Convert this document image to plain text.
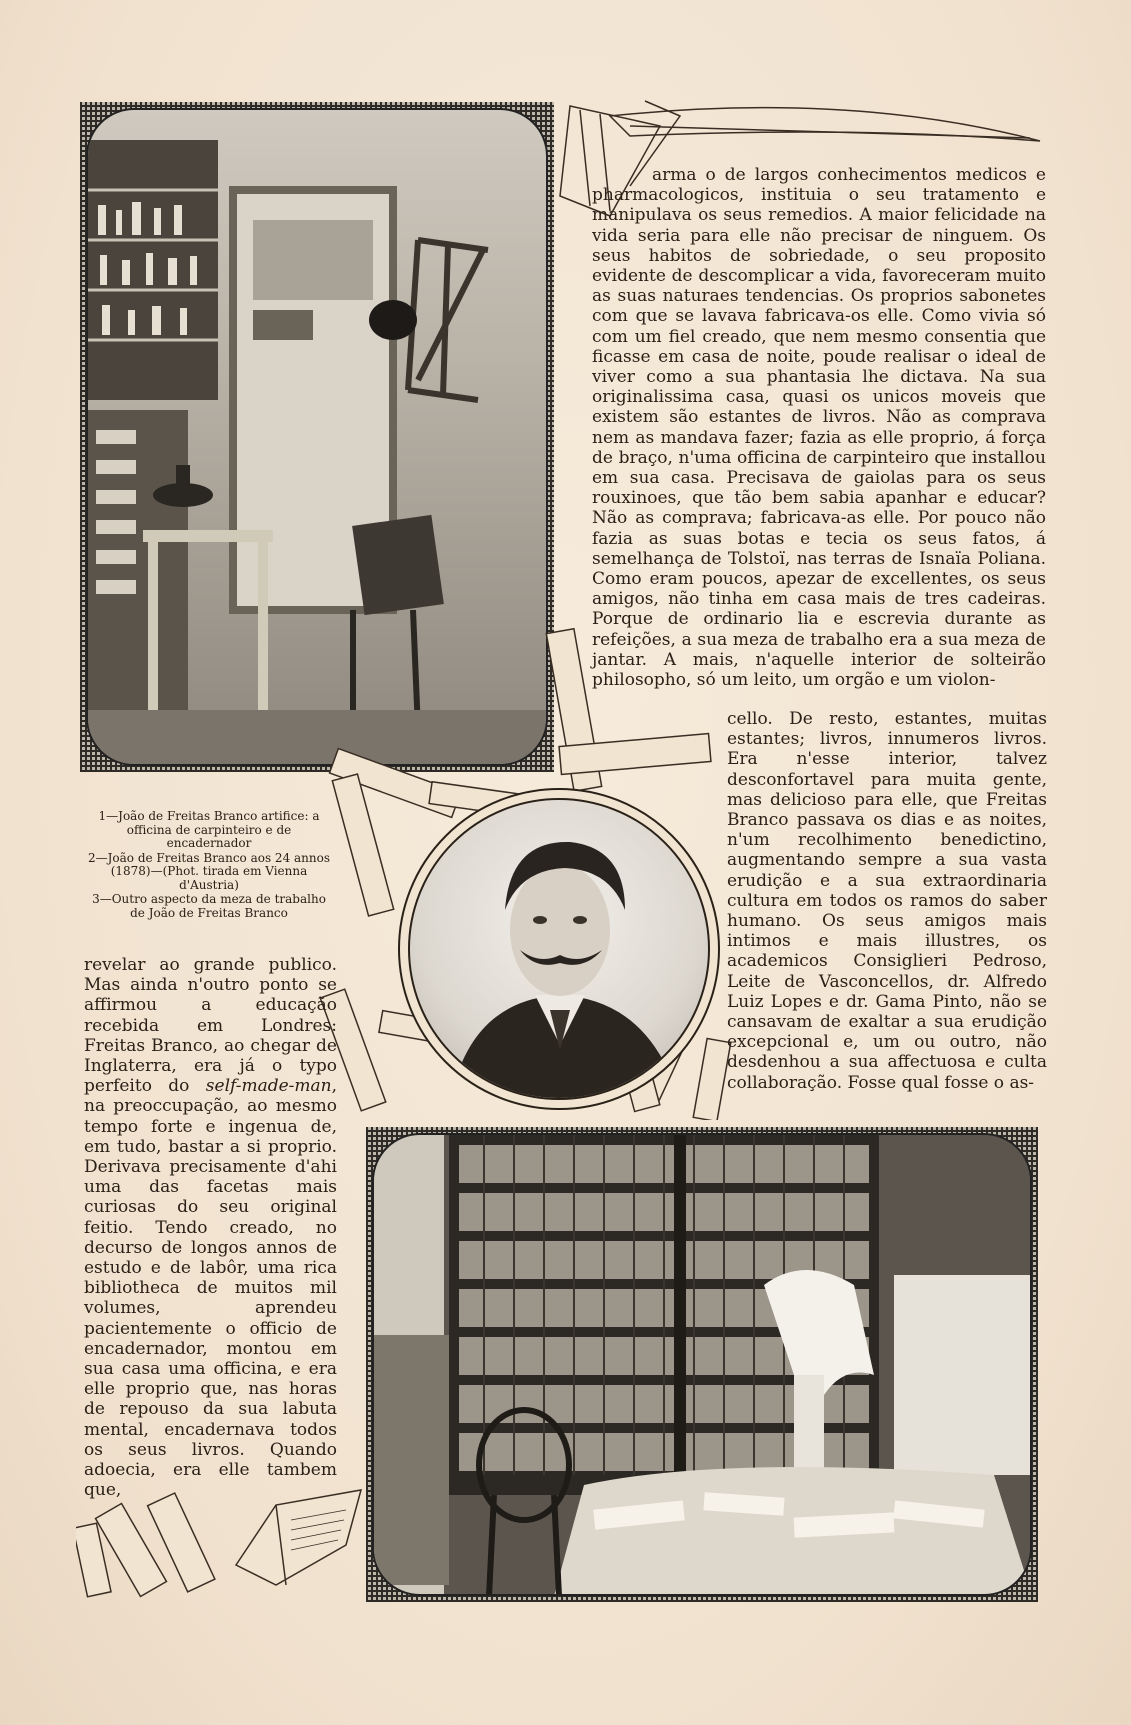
arma o de largos conhecimentos medicos e pharmacologicos, instituia o seu tratamento e manipulava os seus remedios. A maior felicidade na vida seria para elle não precisar de ninguem. Os seus habitos de sobriedade, o seu proposito evidente de descomplicar a vida, favoreceram muito as suas naturaes tendencias. Os proprios sabonetes com que se lavava fabricava-os elle. Como vivia só com um fiel creado, que nem mesmo consentia que ficasse em casa de noite, poude realisar o ideal de viver como a sua phantasia lhe dictava. Na sua originalissima casa, quasi os unicos moveis que existem são estantes de livros. Não as comprava nem as mandava fazer; fazia as elle proprio, á força de braço, n'uma officina de carpinteiro que installou em sua casa. Precisava de gaiolas para os seus rouxinoes, que tão bem sabia apanhar e educar? Não as comprava; fabricava-as elle. Por pouco não fazia as suas botas e tecia os seus fatos, á semelhança de Tolstoï, nas terras de Isnaïa Poliana. Como eram poucos, apezar de excellentes, os seus amigos, não tinha em casa mais de tres cadeiras. Porque de ordinario lia e escrevia durante as refeições, a sua meza de trabalho era a sua meza de jantar. A mais, n'aquelle interior de solteirão philosopho, só um leito, um orgão e um violon-
1—João de Freitas Branco artifice: a officina de carpinteiro e de encadernador
2—João de Freitas Branco aos 24 annos (1878)—(Phot. tirada em Vienna d'Austria)
3—Outro aspecto da meza de trabalho de João de Freitas Branco
cello. De resto, estantes, muitas estantes; livros, innumeros livros. Era n'esse interior, talvez desconfortavel para muita gente, mas delicioso para elle, que Freitas Branco passava os dias e as noites, n'um recolhimento benedictino, augmentando sempre a sua vasta erudição e a sua extraordinaria cultura em todos os ramos do saber humano. Os seus amigos mais intimos e mais illustres, os academicos Consiglieri Pedroso, Leite de Vasconcellos, dr. Alfredo Luiz Lopes e dr. Gama Pinto, não se cansavam de exaltar a sua erudição excepcional e, um ou outro, não desdenhou a sua affectuosa e culta collaboração. Fosse qual fosse o as-
revelar ao grande publico. Mas ainda n'outro ponto se affirmou a educação recebida em Londres: Freitas Branco, ao chegar de Inglaterra, era já o typo perfeito do self-made-man, na preoccupação, ao mesmo tempo forte e ingenua de, em tudo, bastar a si proprio. Derivava precisamente d'ahi uma das facetas mais curiosas do seu original feitio. Tendo creado, no decurso de longos annos de estudo e de labôr, uma rica bibliotheca de muitos mil volumes, aprendeu pacientemente o officio de encadernador, montou em sua casa uma officina, e era elle proprio que, nas horas de repouso da sua labuta mental, encadernava todos os seus livros. Quando adoecia, era elle tambem que,
